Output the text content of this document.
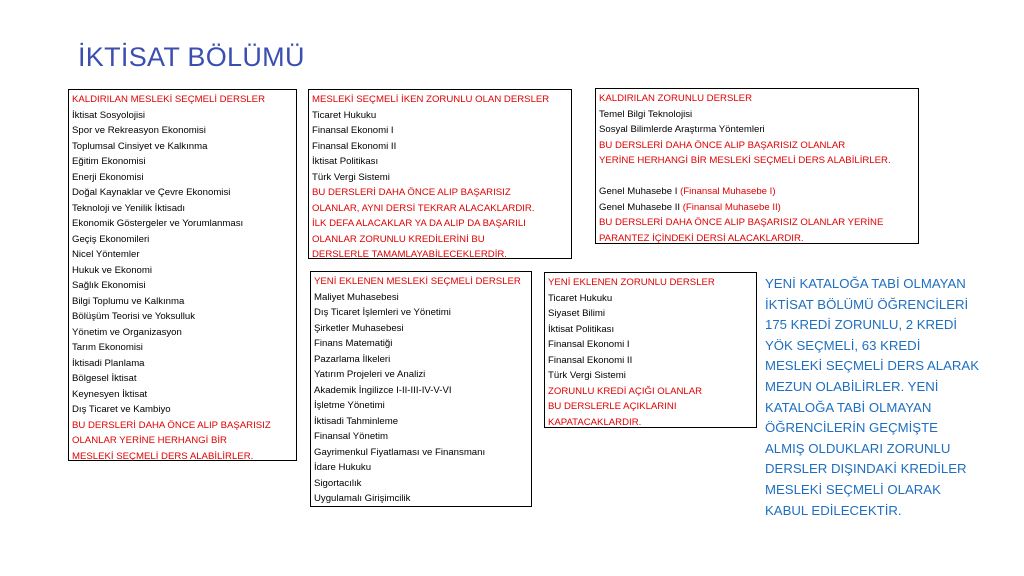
İKTİSAT BÖLÜMÜ
KALDIRILAN MESLEKİ SEÇMELİ DERSLER
İktisat Sosyolojisi
Spor ve Rekreasyon Ekonomisi
Toplumsal Cinsiyet ve Kalkınma
Eğitim Ekonomisi
Enerji Ekonomisi
Doğal Kaynaklar ve Çevre Ekonomisi
Teknoloji ve Yenilik İktisadı
Ekonomik Göstergeler ve Yorumlanması
Geçiş Ekonomileri
Nicel Yöntemler
Hukuk ve Ekonomi
Sağlık Ekonomisi
Bilgi Toplumu ve Kalkınma
Bölüşüm Teorisi ve Yoksulluk
Yönetim ve Organizasyon
Tarım Ekonomisi
İktisadi Planlama
Bölgesel İktisat
Keynesyen İktisat
Dış Ticaret ve Kambiyo
BU DERSLERİ DAHA ÖNCE ALIP BAŞARISIZ
OLANLAR YERİNE HERHANGİ BİR
MESLEKİ SEÇMELİ DERS ALABİLİRLER.
MESLEKİ SEÇMELİ İKEN ZORUNLU OLAN DERSLER
Ticaret Hukuku
Finansal Ekonomi I
Finansal Ekonomi II
İktisat Politikası
Türk Vergi Sistemi
BU DERSLERİ DAHA ÖNCE ALIP BAŞARISIZ
OLANLAR, AYNI DERSİ TEKRAR ALACAKLARDIR.
İLK DEFA ALACAKLAR YA DA ALIP DA BAŞARILI
OLANLAR ZORUNLU KREDİLERİNİ BU
DERSLERLE TAMAMLAYABİLECEKLERDİR.
KALDIRILAN ZORUNLU DERSLER
Temel Bilgi Teknolojisi
Sosyal Bilimlerde Araştırma Yöntemleri
BU DERSLERİ DAHA ÖNCE ALIP BAŞARISIZ OLANLAR
YERİNE HERHANGİ BİR MESLEKİ SEÇMELİ DERS ALABİLİRLER.
Genel Muhasebe I (Finansal Muhasebe I)
Genel Muhasebe II (Finansal Muhasebe II)
BU DERSLERİ DAHA ÖNCE ALIP BAŞARISIZ OLANLAR YERİNE
PARANTEZ İÇİNDEKİ DERSİ ALACAKLARDIR.
YENİ EKLENEN MESLEKİ SEÇMELİ DERSLER
Maliyet Muhasebesi
Dış Ticaret İşlemleri ve Yönetimi
Şirketler Muhasebesi
Finans Matematiği
Pazarlama İlkeleri
Yatırım Projeleri ve Analizi
Akademik İngilizce I-II-III-IV-V-VI
İşletme Yönetimi
İktisadi Tahminleme
Finansal Yönetim
Gayrimenkul Fiyatlaması ve Finansmanı
İdare Hukuku
Sigortacılık
Uygulamalı Girişimcilik
YENİ EKLENEN ZORUNLU DERSLER
Ticaret Hukuku
Siyaset Bilimi
İktisat Politikası
Finansal Ekonomi I
Finansal Ekonomi II
Türk Vergi Sistemi
ZORUNLU KREDİ AÇIĞI OLANLAR
BU DERSLERLE AÇIKLARINI
KAPATACAKLARDIR.
YENİ KATALOĞA TABİ OLMAYAN İKTİSAT BÖLÜMÜ ÖĞRENCİLERİ 175 KREDİ ZORUNLU, 2 KREDİ YÖK SEÇMELİ, 63 KREDİ MESLEKİ SEÇMELİ DERS ALARAK MEZUN OLABİLİRLER. YENİ KATALOĞA TABİ OLMAYAN ÖĞRENCİLERİN GEÇMİŞTE ALMIŞ OLDUKLARI ZORUNLU DERSLER DIŞINDAKİ KREDİLER MESLEKİ SEÇMELİ OLARAK KABUL EDİLECEKTİR.
